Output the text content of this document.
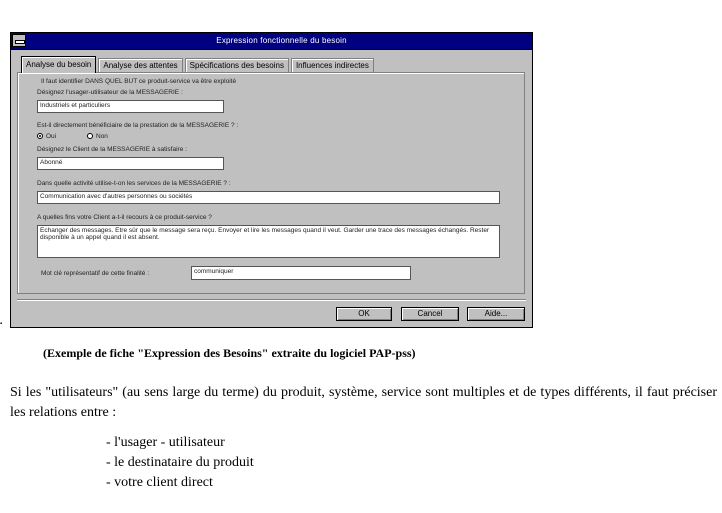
Expression fonctionnelle du besoin
Analyse du besoin	Analyse des attentes	Spécifications des besoins	Influences indirectes
Il faut identifier DANS QUEL BUT ce produit-service va être exploité
Désignez l'usager-utilisateur de la MESSAGERIE :
Industriels et particuliers
Est-il directement bénéficiaire de la prestation de la MESSAGERIE ? :
Oui	Non
Désignez le Client de la MESSAGERIE à satisfaire :
Abonné
Dans quelle activité utilise-t-on les services de la MESSAGERIE ? :
Communication avec d'autres personnes ou sociétés
A quelles fins votre Client a-t-il recours à ce produit-service ?
Echanger des messages. Etre sûr que le message sera reçu. Envoyer et lire les messages quand il veut. Garder une trace des messages échangés. Rester disponible à un appel quand il est absent.
Mot clé représentatif de cette finalité :	communiquer
OK	Cancel	Aide...
▪
(Exemple de fiche "Expression des Besoins" extraite du logiciel PAP-pss)
Si les "utilisateurs" (au sens large du terme) du produit, système, service sont multiples et de types différents, il faut préciser les relations entre :
- l'usager - utilisateur
- le destinataire du produit
- votre client direct
